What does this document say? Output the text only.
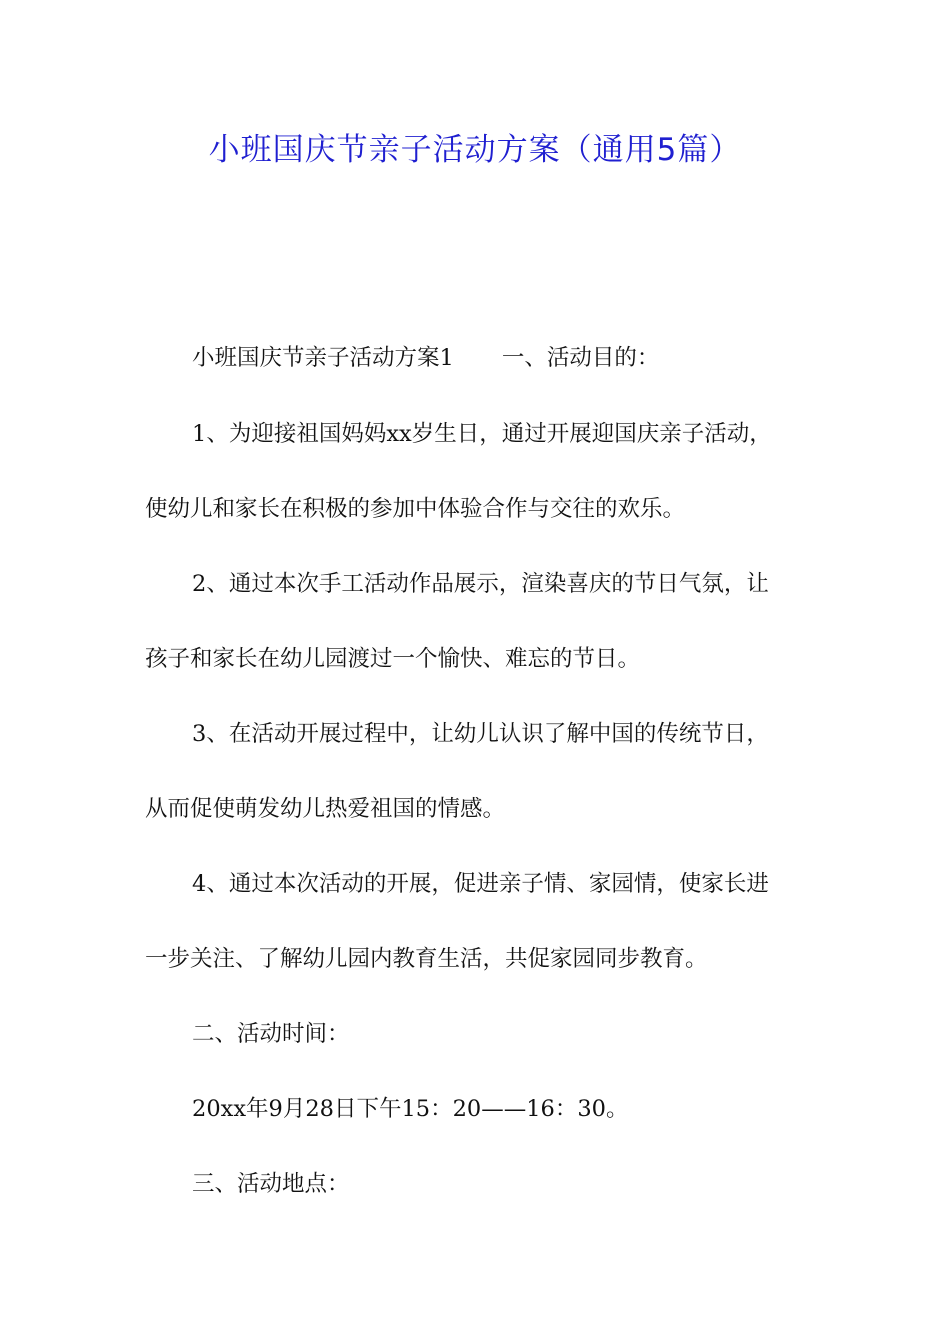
小班国庆节亲子活动方案（通用5篇）
小班国庆节亲子活动方案1 一、活动目的：
1、为迎接祖国妈妈xx岁生日，通过开展迎国庆亲子活动，
使幼儿和家长在积极的参加中体验合作与交往的欢乐。
2、通过本次手工活动作品展示，渲染喜庆的节日气氛，让
孩子和家长在幼儿园渡过一个愉快、难忘的节日。
3、在活动开展过程中，让幼儿认识了解中国的传统节日，
从而促使萌发幼儿热爱祖国的情感。
4、通过本次活动的开展，促进亲子情、家园情，使家长进
一步关注、了解幼儿园内教育生活，共促家园同步教育。
二、活动时间：
20xx年9月28日下午15：20——16：30。
三、活动地点：
